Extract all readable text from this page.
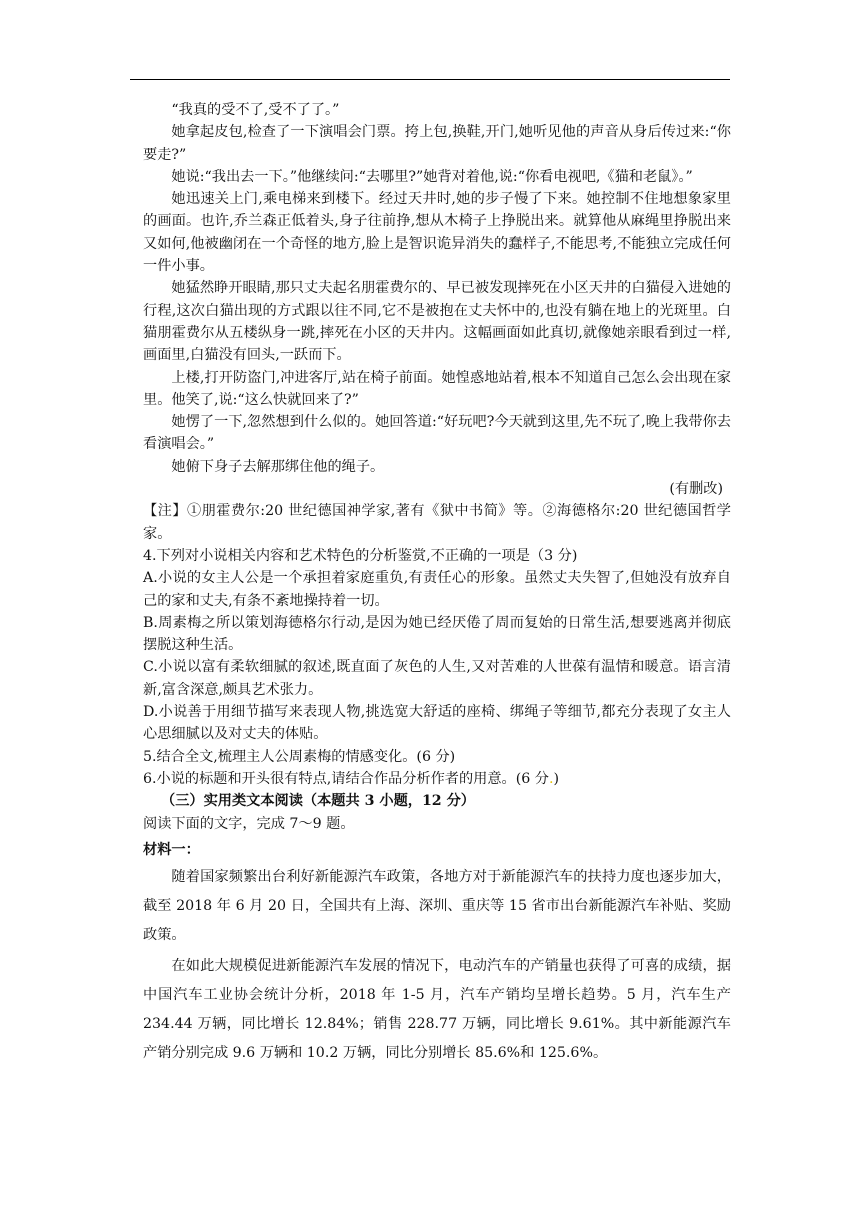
“我真的受不了,受不了了。”

她拿起皮包,检查了一下演唱会门票。挎上包,换鞋,开门,她听见他的声音从身后传过来:“你要走?”

她说:“我出去一下。”他继续问:“去哪里?”她背对着他,说:“你看电视吧,《猫和老鼠》。”

她迅速关上门,乘电梯来到楼下。经过天井时,她的步子慢了下来。她控制不住地想象家里的画面。也许,乔兰森正低着头,身子往前挣,想从木椅子上挣脱出来。就算他从麻绳里挣脱出来又如何,他被幽闭在一个奇怪的地方,脸上是智识诡异消失的蠢样子,不能思考,不能独立完成任何一件小事。

她猛然睁开眼睛,那只丈夫起名朋霍费尔的、早已被发现摔死在小区天井的白猫侵入进她的行程,这次白猫出现的方式跟以往不同,它不是被抱在丈夫怀中的,也没有躺在地上的光斑里。白猫朋霍费尔从五楼纵身一跳,摔死在小区的天井内。这幅画面如此真切,就像她亲眼看到过一样,画面里,白猫没有回头,一跃而下。

上楼,打开防盗门,冲进客厅,站在椅子前面。她惶惑地站着,根本不知道自己怎么会出现在家里。他笑了,说:“这么快就回来了?”

她愣了一下,忽然想到什么似的。她回答道:“好玩吧?今天就到这里,先不玩了,晚上我带你去看演唱会。”

她俯下身子去解那绑住他的绳子。

(有删改)

【注】①朋霍费尔:20 世纪德国神学家,著有《狱中书简》等。②海德格尔:20 世纪德国哲学家。

4.下列对小说相关内容和艺术特色的分析鉴赏,不正确的一项是（3 分)

A.小说的女主人公是一个承担着家庭重负,有责任心的形象。虽然丈夫失智了,但她没有放弃自己的家和丈夫,有条不紊地操持着一切。

B.周素梅之所以策划海德格尔行动,是因为她已经厌倦了周而复始的日常生活,想要逃离并彻底摆脱这种生活。

C.小说以富有柔软细腻的叙述,既直面了灰色的人生,又对苦难的人世葆有温情和暖意。语言清新,富含深意,颇具艺术张力。

D.小说善于用细节描写来表现人物,挑选宽大舒适的座椅、绑绳子等细节,都充分表现了女主人心思细腻以及对丈夫的体贴。

5.结合全文,梳理主人公周素梅的情感变化。(6 分)

6.小说的标题和开头很有特点,请结合作品分析作者的用意。(6 分.)

（三）实用类文本阅读（本题共 3 小题，12 分）

阅读下面的文字，完成 7～9 题。

材料一：

随着国家频繁出台利好新能源汽车政策，各地方对于新能源汽车的扶持力度也逐步加大，截至 2018 年 6 月 20 日，全国共有上海、深圳、重庆等 15 省市出台新能源汽车补贴、奖励政策。

在如此大规模促进新能源汽车发展的情况下，电动汽车的产销量也获得了可喜的成绩，据中国汽车工业协会统计分析，2018 年 1-5 月，汽车产销均呈增长趋势。5 月，汽车生产 234.44 万辆，同比增长 12.84%；销售 228.77 万辆，同比增长 9.61%。其中新能源汽车产销分别完成 9.6 万辆和 10.2 万辆，同比分别增长 85.6%和 125.6%。
